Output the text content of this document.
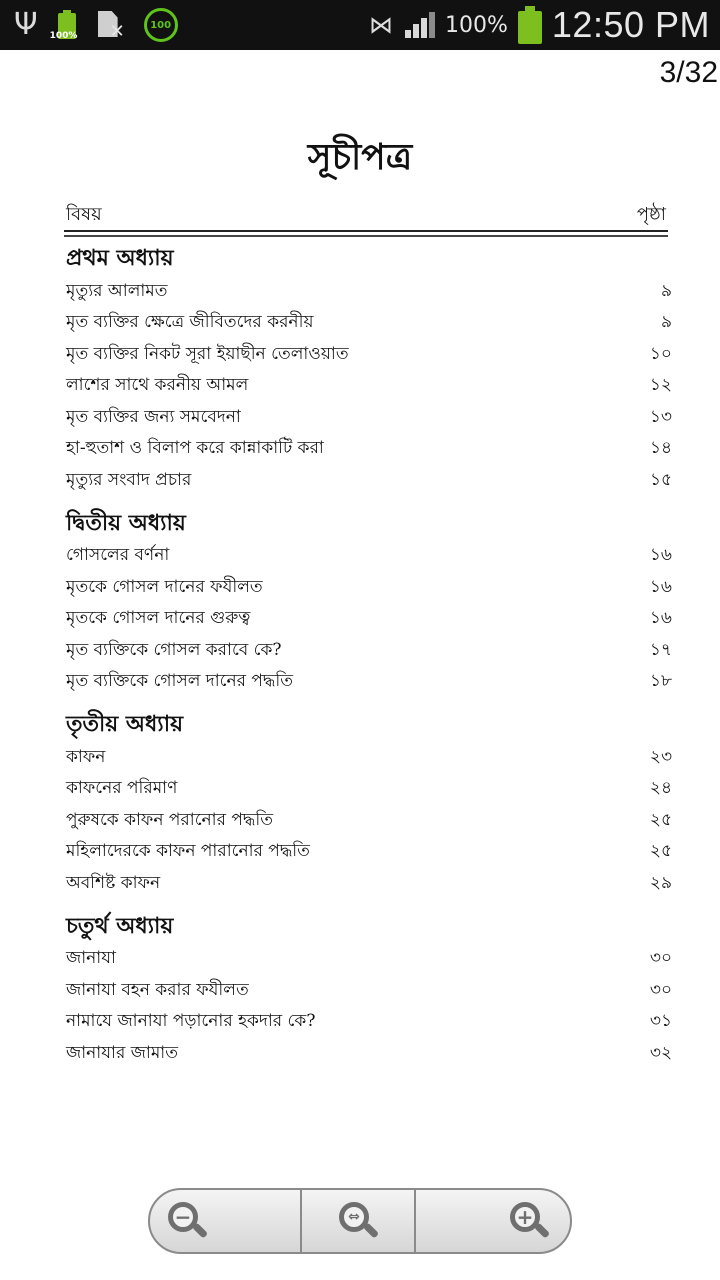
Ψ 100% ✕	100	⋈ 100% 12:50 PM
3/32
সূচীপত্র
বিষয়	পৃষ্ঠা
প্রথম অধ্যায়
মৃত্যুর আলামত	৯
মৃত ব্যক্তির ক্ষেত্রে জীবিতদের করনীয়	৯
মৃত ব্যক্তির নিকট সূরা ইয়াছীন তেলাওয়াত	১০
লাশের সাথে করনীয় আমল	১২
মৃত ব্যক্তির জন্য সমবেদনা	১৩
হা-হুতাশ ও বিলাপ করে কান্নাকাটি করা	১৪
মৃত্যুর সংবাদ প্রচার	১৫
দ্বিতীয় অধ্যায়
গোসলের বর্ণনা	১৬
মৃতকে গোসল দানের ফযীলত	১৬
মৃতকে গোসল দানের গুরুত্ব	১৬
মৃত ব্যক্তিকে গোসল করাবে কে?	১৭
মৃত ব্যক্তিকে গোসল দানের পদ্ধতি	১৮
তৃতীয় অধ্যায়
কাফন	২৩
কাফনের পরিমাণ	২৪
পুরুষকে কাফন পরানোর পদ্ধতি	২৫
মহিলাদেরকে কাফন পারানোর পদ্ধতি	২৫
অবশিষ্ট কাফন	২৯
চতুর্থ অধ্যায়
জানাযা	৩০
জানাযা বহন করার ফযীলত	৩০
নামাযে জানাযা পড়ানোর হকদার কে?	৩১
জানাযার জামাত	৩২
−	⇔	+
